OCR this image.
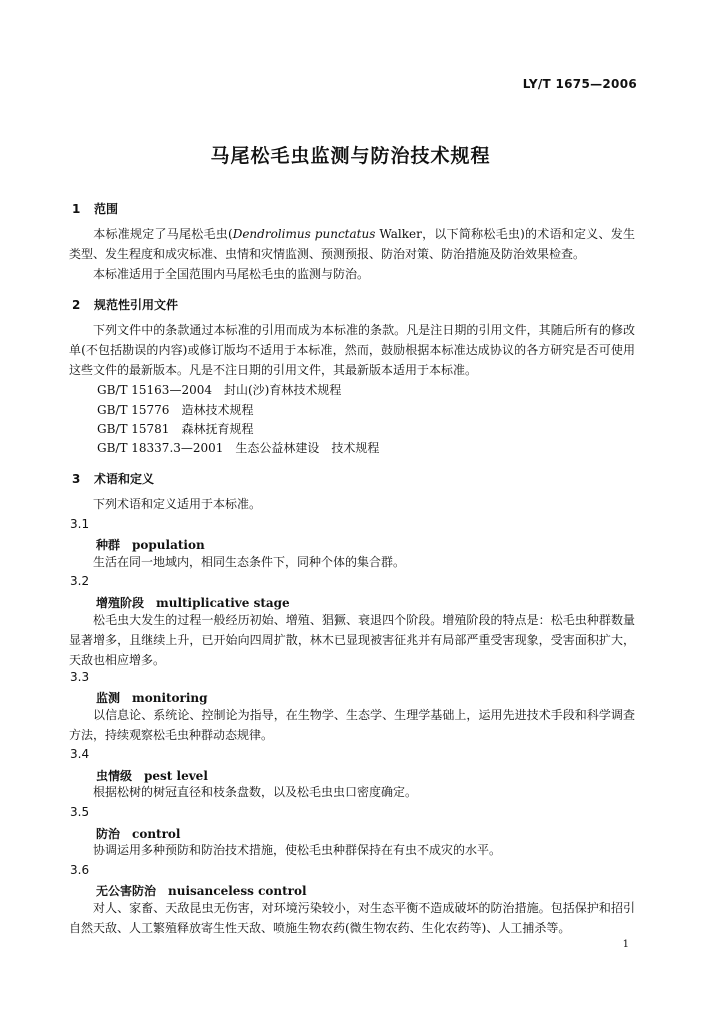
LY/T 1675—2006
马尾松毛虫监测与防治技术规程
1 范围
本标准规定了马尾松毛虫(Dendrolimus punctatus Walker，以下简称松毛虫)的术语和定义、发生类型、发生程度和成灾标准、虫情和灾情监测、预测预报、防治对策、防治措施及防治效果检查。
本标准适用于全国范围内马尾松毛虫的监测与防治。
2 规范性引用文件
下列文件中的条款通过本标准的引用而成为本标准的条款。凡是注日期的引用文件，其随后所有的修改单(不包括勘误的内容)或修订版均不适用于本标准，然而，鼓励根据本标准达成协议的各方研究是否可使用这些文件的最新版本。凡是不注日期的引用文件，其最新版本适用于本标准。
GB/T 15163—2004　封山(沙)育林技术规程
GB/T 15776　造林技术规程
GB/T 15781　森林抚育规程
GB/T 18337.3—2001　生态公益林建设　技术规程
3 术语和定义
下列术语和定义适用于本标准。
3.1
种群 population
生活在同一地域内，相同生态条件下，同种个体的集合群。
3.2
增殖阶段 multiplicative stage
松毛虫大发生的过程一般经历初始、增殖、猖獗、衰退四个阶段。增殖阶段的特点是：松毛虫种群数量显著增多，且继续上升，已开始向四周扩散，林木已显现被害征兆并有局部严重受害现象，受害面积扩大，天敌也相应增多。
3.3
监测 monitoring
以信息论、系统论、控制论为指导，在生物学、生态学、生理学基础上，运用先进技术手段和科学调查方法，持续观察松毛虫种群动态规律。
3.4
虫情级 pest level
根据松树的树冠直径和枝条盘数，以及松毛虫虫口密度确定。
3.5
防治 control
协调运用多种预防和防治技术措施，使松毛虫种群保持在有虫不成灾的水平。
3.6
无公害防治 nuisanceless control
对人、家畜、天敌昆虫无伤害，对环境污染较小，对生态平衡不造成破坏的防治措施。包括保护和招引自然天敌、人工繁殖释放寄生性天敌、喷施生物农药(微生物农药、生化农药等)、人工捕杀等。
1
